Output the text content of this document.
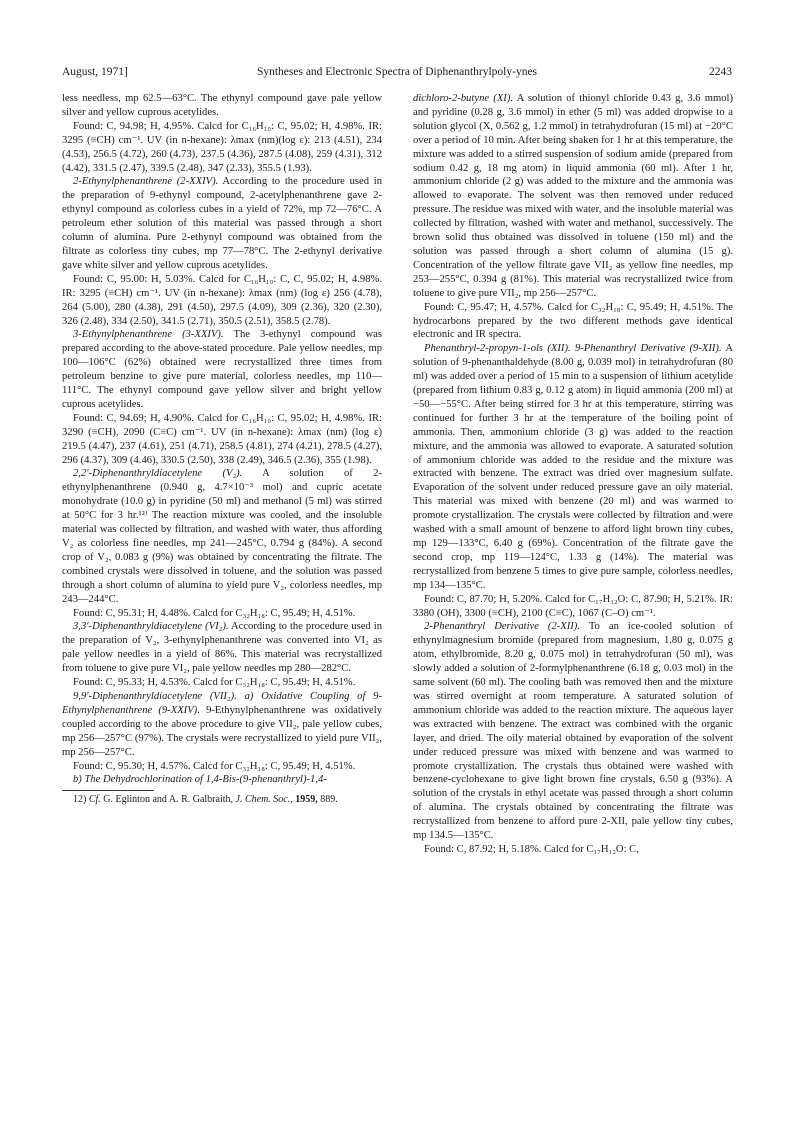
August, 1971]	Syntheses and Electronic Spectra of Diphenanthrylpoly-ynes	2243

less needless, mp 62.5—63°C. The ethynyl compound gave pale yellow silver and yellow cuprous acetylides.

Found: C, 94.98; H, 4.95%. Calcd for C₁₆H₁₀: C, 95.02; H, 4.98%. IR: 3295 (≡CH) cm⁻¹. UV (in n-hexane): λmax (nm)(log ε): 213 (4.51), 234 (4.53), 256.5 (4.72), 260 (4.73), 237.5 (4.36), 287.5 (4.08), 259 (4.31), 312 (4.42), 331.5 (2.47), 339.5 (2.48), 347 (2.33), 355.5 (1.93).

2-Ethynylphenanthrene (2-XXIV). According to the procedure used in the preparation of 9-ethynyl compound, 2-acetylphenanthrene gave 2-ethynyl compound as colorless cubes in a yield of 72%, mp 72—76°C. A petroleum ether solution of this material was passed through a short column of alumina. Pure 2-ethynyl compound was obtained from the filtrate as colorless tiny cubes, mp 77—78°C. The 2-ethynyl derivative gave white silver and yellow cuprous acetylides.

Found: C, 95.00: H, 5.03%. Calcd for C₁₆H₁₀: C, C, 95.02; H, 4.98%. IR: 3295 (≡CH) cm⁻¹. UV (in n-hexane): λmax (nm) (log ε) 256 (4.78), 264 (5.00), 280 (4.38), 291 (4.50), 297.5 (4.09), 309 (2.36), 320 (2.30), 326 (2.48), 334 (2.50), 341.5 (2.71), 350.5 (2.51), 358.5 (2.78).

3-Ethynylphenanthrene (3-XXIV). The 3-ethynyl compound was prepared according to the above-stated procedure. Pale yellow needles, mp 100—106°C (62%) obtained were recrystallized three times from petroleum benzine to give pure material, colorless needles, mp 110—111°C. The ethynyl compound gave yellow silver and bright yellow cuprous acetylides.

Found: C, 94.69; H, 4.90%. Calcd for C₁₆H₁₀: C, 95.02; H, 4.98%. IR: 3290 (≡CH), 2090 (C≡C) cm⁻¹. UV (in n-hexane): λmax (nm) (log ε) 219.5 (4.47), 237 (4.61), 251 (4.71), 258.5 (4.81), 274 (4.21), 278.5 (4.27), 296 (4.37), 309 (4.46), 330.5 (2.50), 338 (2.49), 346.5 (2.36), 355 (1.98).

2,2′-Diphenanthryldiacetylene (V₂). A solution of 2-ethynylphenanthrene (0.940 g, 4.7×10⁻³ mol) and cupric acetate monohydrate (10.0 g) in pyridine (50 ml) and methanol (5 ml) was stirred at 50°C for 3 hr.¹²⁾ The reaction mixture was cooled, and the insoluble material was collected by filtration, and washed with water, thus affording V₂ as colorless fine needles, mp 241—245°C, 0.794 g (84%). A second crop of V₂, 0.083 g (9%) was obtained by concentrating the filtrate. The combined crystals were dissolved in toluene, and the solution was passed through a short column of alumina to yield pure V₂, colorless needles, mp 243—244°C.

Found: C, 95.31; H, 4.48%. Calcd for C₃₂H₁₈: C, 95.49; H, 4.51%.

3,3′-Diphenanthryldiacetylene (VI₂). According to the procedure used in the preparation of V₂, 3-ethynylphenanthrene was converted into VI₂ as pale yellow needles in a yield of 86%. This material was recrystallized from toluene to give pure VI₂, pale yellow needles mp 280—282°C.

Found: C, 95.33; H, 4.53%. Calcd for C₃₂H₁₈: C, 95.49; H, 4.51%.

9,9′-Diphenanthryldiacetylene (VII₂). a) Oxidative Coupling of 9-Ethynylphenanthrene (9-XXIV). 9-Ethynylphenanthrene was oxidatively coupled according to the above procedure to give VII₂, pale yellow cubes, mp 256—257°C (97%). The crystals were recrystallized to yield pure VII₂, mp 256—257°C.

Found: C, 95.30; H, 4.57%. Calcd for C₃₂H₁₈: C, 95.49; H, 4.51%.

b) The Dehydrochlorination of 1,4-Bis-(9-phenanthryl)-1,4-

12) Cf. G. Eglinton and A. R. Galbraith, J. Chem. Soc., 1959, 889.

dichloro-2-butyne (XI). A solution of thionyl chloride 0.43 g, 3.6 mmol) and pyridine (0.28 g, 3.6 mmol) in ether (5 ml) was added dropwise to a solution glycol (X, 0.562 g, 1.2 mmol) in tetrahydrofuran (15 ml) at −20°C over a period of 10 min. After being shaken for 1 hr at this temperature, the mixture was added to a stirred suspension of sodium amide (prepared from sodium 0.42 g, 18 mg atom) in liquid ammonia (60 ml). After 1 hr, ammonium chloride (2 g) was added to the mixture and the ammonia was allowed to evaporate. The solvent was then removed under reduced pressure. The residue was mixed with water, and the insoluble material was collected by filtration, washed with water and methanol, successively. The brown solid thus obtained was dissolved in toluene (150 ml) and the solution was passed through a short column of alumina (15 g). Concentration of the yellow filtrate gave VII₂ as yellow fine needles, mp 253—255°C, 0.394 g (81%). This material was recrystallized twice from toluene to give pure VII₂, mp 256—257°C.

Found: C, 95.47; H, 4.57%. Calcd for C₃₂H₁₈: C, 95.49; H, 4.51%. The hydrocarbons prepared by the two different methods gave identical electronic and IR spectra.

Phenanthryl-2-propyn-1-ols (XII). 9-Phenanthryl Derivative (9-XII). A solution of 9-phenanthaldehyde (8.00 g, 0.039 mol) in tetrahydrofuran (80 ml) was added over a period of 15 min to a suspension of lithium acetylide (prepared from lithium 0.83 g, 0.12 g atom) in liquid ammonia (200 ml) at −50—−55°C. After being stirred for 3 hr at this temperature, stirring was continued for further 3 hr at the temperature of the boiling point of ammonia. Then, ammonium chloride (3 g) was added to the reaction mixture, and the ammonia was allowed to evaporate. A saturated solution of ammonium chloride was added to the residue and the mixture was extracted with benzene. The extract was dried over magnesium sulfate. Evaporation of the solvent under reduced pressure gave an oily material. This material was mixed with benzene (20 ml) and was warmed to promote crystallization. The crystals were collected by filtration and were washed with a small amount of benzene to afford light brown tiny cubes, mp 129—133°C, 6.40 g (69%). Concentration of the filtrate gave the second crop, mp 119—124°C, 1.33 g (14%). The material was recrystallized from benzene 5 times to give pure sample, colorless needles, mp 134—135°C.

Found: C, 87.70; H, 5.20%. Calcd for C₁₇H₁₂O: C, 87.90; H, 5.21%. IR: 3380 (OH), 3300 (≡CH), 2100 (C≡C), 1067 (C–O) cm⁻¹.

2-Phenanthryl Derivative (2-XII). To an ice-cooled solution of ethynylmagnesium bromide (prepared from magnesium, 1.80 g, 0.075 g atom, ethylbromide, 8.20 g, 0.075 mol) in tetrahydrofuran (50 ml), was slowly added a solution of 2-formylphenanthrene (6.18 g, 0.03 mol) in the same solvent (60 ml). The cooling bath was removed then and the mixture was stirred overnight at room temperature. A saturated solution of ammonium chloride was added to the reaction mixture. The aqueous layer was extracted with benzene. The extract was combined with the organic layer, and dried. The oily material obtained by evaporation of the solvent under reduced pressure was mixed with benzene and was warmed to promote crystallization. The crystals thus obtained were washed with benzene-cyclohexane to give light brown fine crystals, 6.50 g (93%). A solution of the crystals in ethyl acetate was passed through a short column of alumina. The crystals obtained by concentrating the filtrate was recrystallized from benzene to afford pure 2-XII, pale yellow tiny cubes, mp 134.5—135°C.

Found: C, 87.92; H, 5.18%. Calcd for C₁₇H₁₂O: C,
